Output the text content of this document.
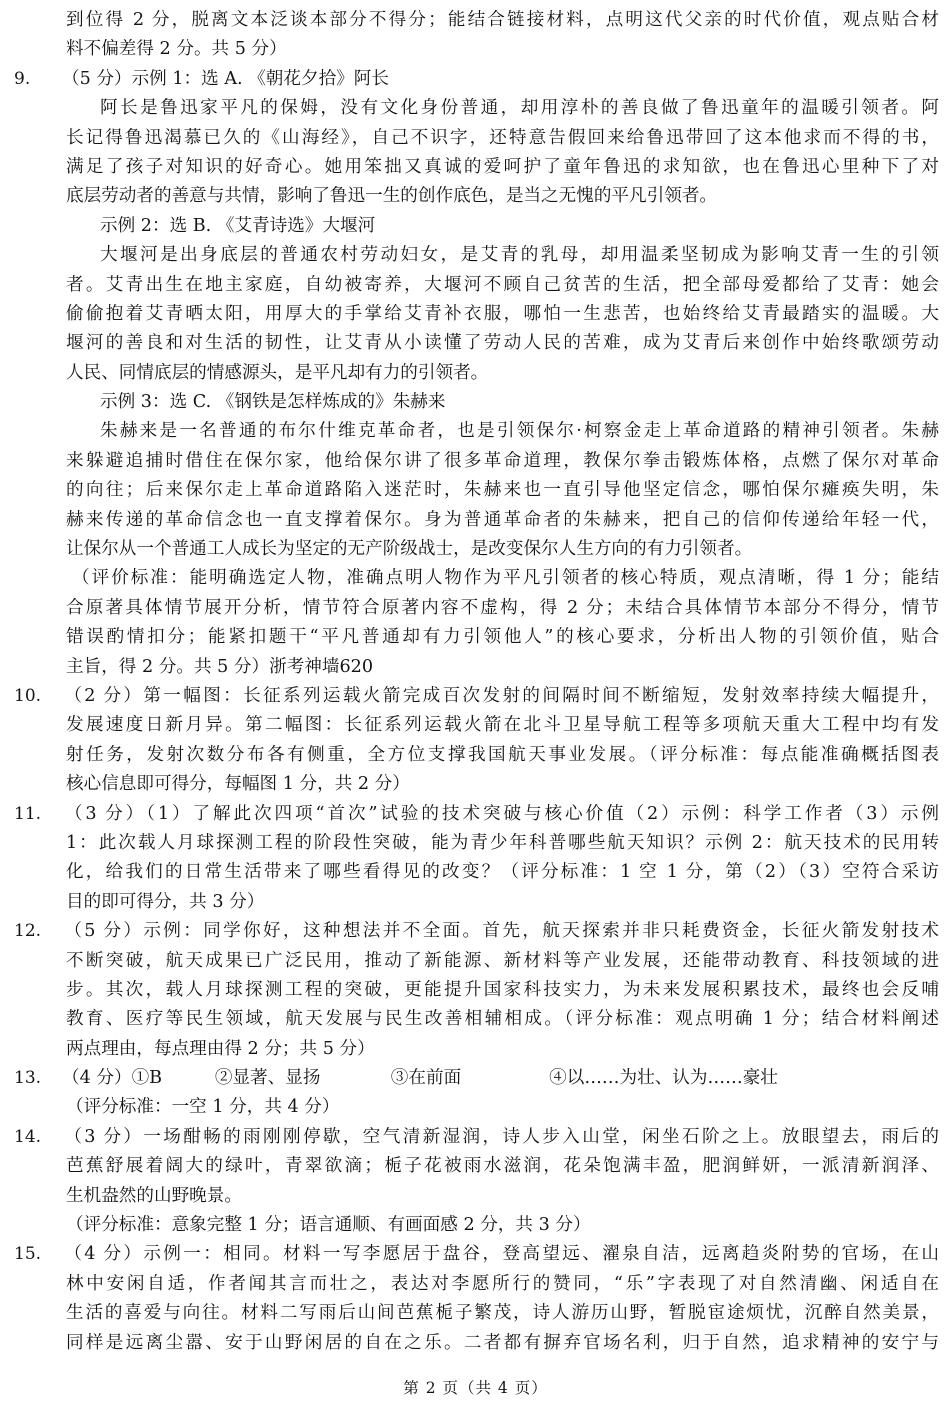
到位得 2 分，脱离文本泛谈本部分不得分；能结合链接材料，点明这代父亲的时代价值，观点贴合材
料不偏差得 2 分。共 5 分）
9. （5 分）示例 1：选 A. 《朝花夕拾》阿长
阿长是鲁迅家平凡的保姆，没有文化身份普通，却用淳朴的善良做了鲁迅童年的温暖引领者。阿
长记得鲁迅渴慕已久的《山海经》，自己不识字，还特意告假回来给鲁迅带回了这本他求而不得的书，
满足了孩子对知识的好奇心。她用笨拙又真诚的爱呵护了童年鲁迅的求知欲，也在鲁迅心里种下了对
底层劳动者的善意与共情，影响了鲁迅一生的创作底色，是当之无愧的平凡引领者。
示例 2：选 B. 《艾青诗选》大堰河
大堰河是出身底层的普通农村劳动妇女，是艾青的乳母，却用温柔坚韧成为影响艾青一生的引领
者。艾青出生在地主家庭，自幼被寄养，大堰河不顾自己贫苦的生活，把全部母爱都给了艾青：她会
偷偷抱着艾青晒太阳，用厚大的手掌给艾青补衣服，哪怕一生悲苦，也始终给艾青最踏实的温暖。大
堰河的善良和对生活的韧性，让艾青从小读懂了劳动人民的苦难，成为艾青后来创作中始终歌颂劳动
人民、同情底层的情感源头，是平凡却有力的引领者。
示例 3：选 C. 《钢铁是怎样炼成的》朱赫来
朱赫来是一名普通的布尔什维克革命者，也是引领保尔·柯察金走上革命道路的精神引领者。朱赫
来躲避追捕时借住在保尔家，他给保尔讲了很多革命道理，教保尔拳击锻炼体格，点燃了保尔对革命
的向往；后来保尔走上革命道路陷入迷茫时，朱赫来也一直引导他坚定信念，哪怕保尔瘫痪失明，朱
赫来传递的革命信念也一直支撑着保尔。身为普通革命者的朱赫来，把自己的信仰传递给年轻一代，
让保尔从一个普通工人成长为坚定的无产阶级战士，是改变保尔人生方向的有力引领者。
（评价标准：能明确选定人物，准确点明人物作为平凡引领者的核心特质，观点清晰，得 1 分；能结
合原著具体情节展开分析，情节符合原著内容不虚构，得 2 分；未结合具体情节本部分不得分，情节
错误酌情扣分；能紧扣题干“平凡普通却有力引领他人”的核心要求，分析出人物的引领价值，贴合
主旨，得 2 分。共 5 分）浙考神墙620
10. （2 分）第一幅图：长征系列运载火箭完成百次发射的间隔时间不断缩短，发射效率持续大幅提升，
发展速度日新月异。第二幅图：长征系列运载火箭在北斗卫星导航工程等多项航天重大工程中均有发
射任务，发射次数分布各有侧重，全方位支撑我国航天事业发展。（评分标准：每点能准确概括图表
核心信息即可得分，每幅图 1 分，共 2 分）
11. （3 分）（1）了解此次四项“首次”试验的技术突破与核心价值（2）示例：科学工作者（3）示例
1：此次载人月球探测工程的阶段性突破，能为青少年科普哪些航天知识？示例 2：航天技术的民用转
化，给我们的日常生活带来了哪些看得见的改变？（评分标准：1 空 1 分，第（2）（3）空符合采访
目的即可得分，共 3 分）
12. （5 分）示例：同学你好，这种想法并不全面。首先，航天探索并非只耗费资金，长征火箭发射技术
不断突破，航天成果已广泛民用，推动了新能源、新材料等产业发展，还能带动教育、科技领域的进
步。其次，载人月球探测工程的突破，更能提升国家科技实力，为未来发展积累技术，最终也会反哺
教育、医疗等民生领域，航天发展与民生改善相辅相成。（评分标准：观点明确 1 分；结合材料阐述
两点理由，每点理由得 2 分；共 5 分）
13. （4 分）①B　　　②显著、显扬　　　　③在前面　　　　　④以……为壮、认为……豪壮
（评分标准：一空 1 分，共 4 分）
14. （3 分）一场酣畅的雨刚刚停歇，空气清新湿润，诗人步入山堂，闲坐石阶之上。放眼望去，雨后的
芭蕉舒展着阔大的绿叶，青翠欲滴；栀子花被雨水滋润，花朵饱满丰盈，肥润鲜妍，一派清新润泽、
生机盎然的山野晚景。
（评分标准：意象完整 1 分；语言通顺、有画面感 2 分，共 3 分）
15. （4 分）示例一：相同。材料一写李愿居于盘谷，登高望远、濯泉自洁，远离趋炎附势的官场，在山
林中安闲自适，作者闻其言而壮之，表达对李愿所行的赞同，“乐”字表现了对自然清幽、闲适自在
生活的喜爱与向往。材料二写雨后山间芭蕉栀子繁茂，诗人游历山野，暂脱宦途烦忧，沉醉自然美景，
同样是远离尘嚣、安于山野闲居的自在之乐。二者都有摒弃官场名利，归于自然，追求精神的安宁与
第 2 页（共 4 页）
